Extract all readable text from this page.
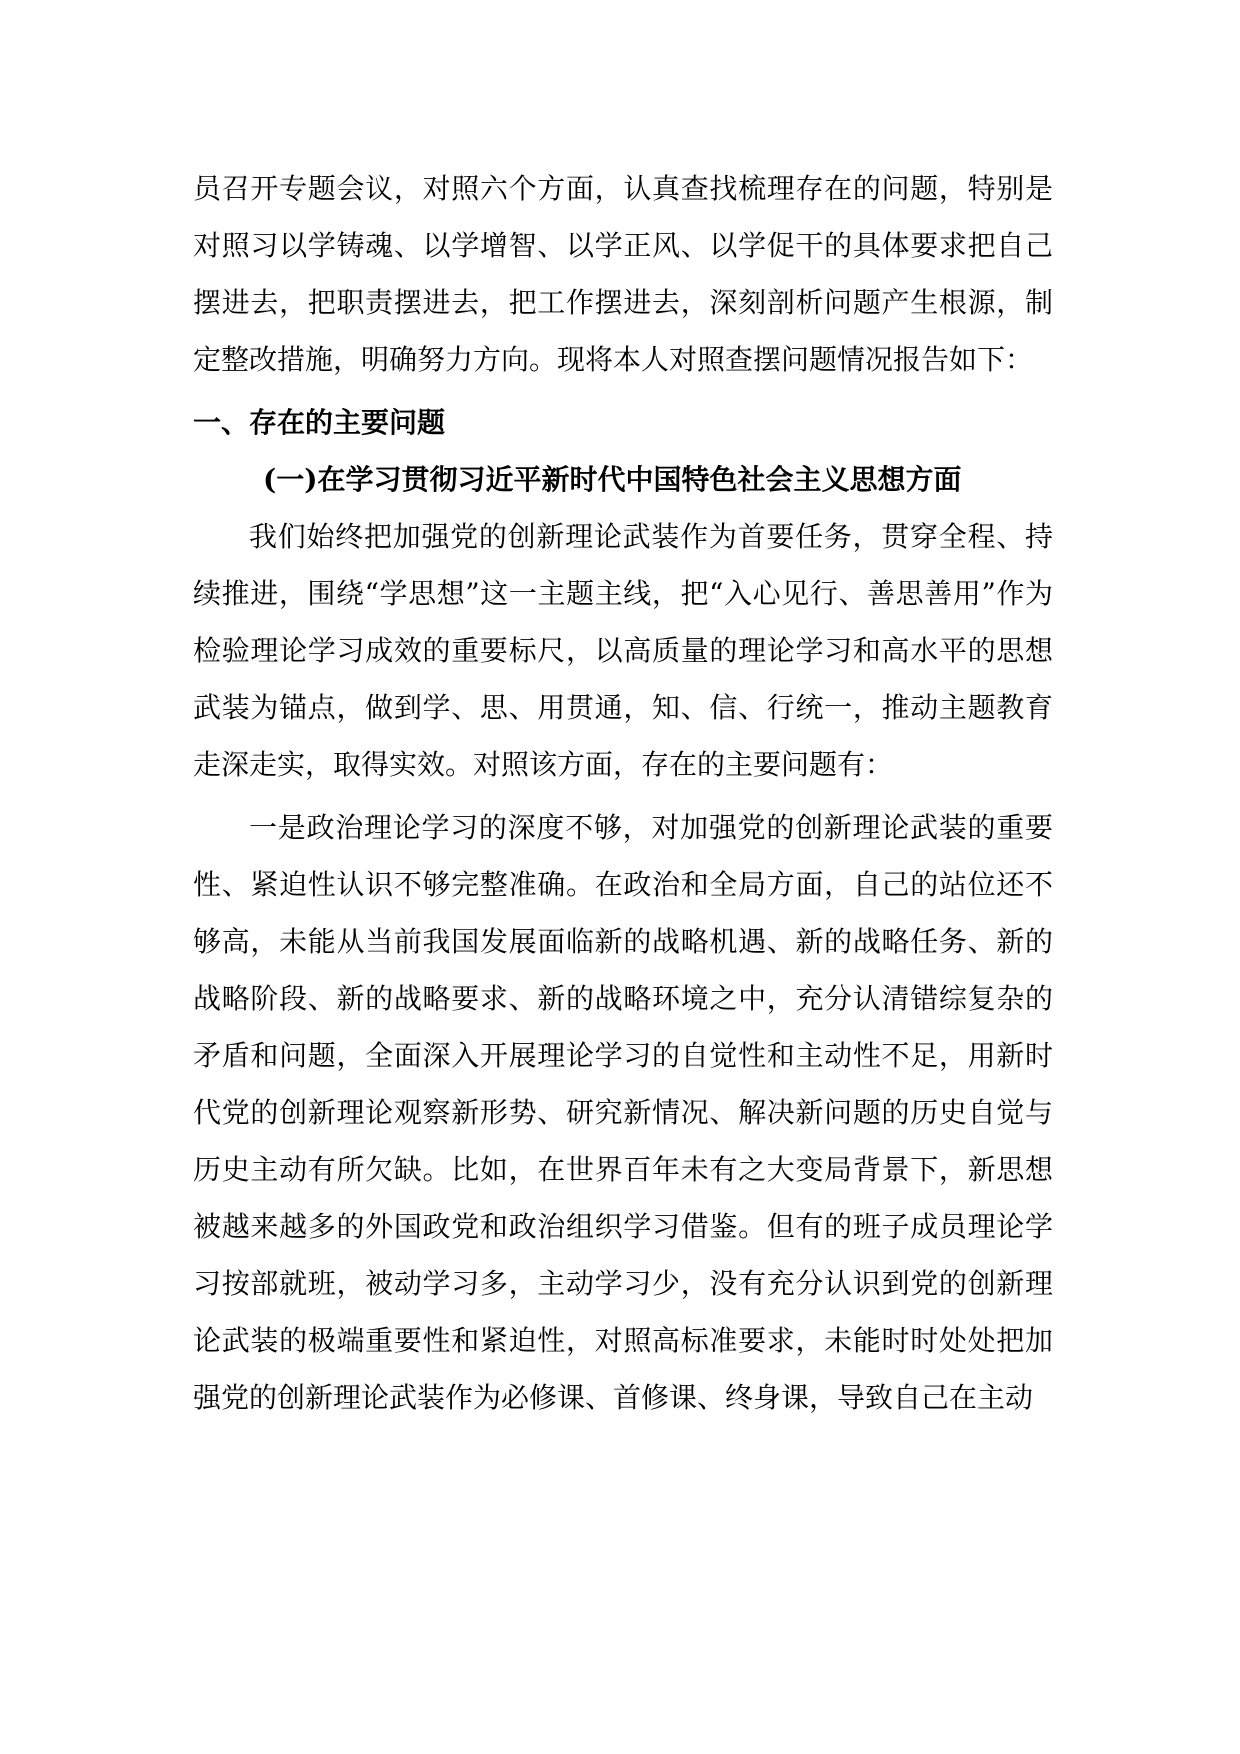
员召开专题会议，对照六个方面，认真查找梳理存在的问题，特别是对照习以学铸魂、以学增智、以学正风、以学促干的具体要求把自己摆进去，把职责摆进去，把工作摆进去，深刻剖析问题产生根源，制定整改措施，明确努力方向。现将本人对照查摆问题情况报告如下：

一、存在的主要问题
(一)在学习贯彻习近平新时代中国特色社会主义思想方面

我们始终把加强党的创新理论武装作为首要任务，贯穿全程、持续推进，围绕“学思想”这一主题主线，把“入心见行、善思善用”作为检验理论学习成效的重要标尺，以高质量的理论学习和高水平的思想武装为锚点，做到学、思、用贯通，知、信、行统一，推动主题教育走深走实，取得实效。对照该方面，存在的主要问题有：

一是政治理论学习的深度不够，对加强党的创新理论武装的重要性、紧迫性认识不够完整准确。在政治和全局方面，自己的站位还不够高，未能从当前我国发展面临新的战略机遇、新的战略任务、新的战略阶段、新的战略要求、新的战略环境之中，充分认清错综复杂的矛盾和问题，全面深入开展理论学习的自觉性和主动性不足，用新时代党的创新理论观察新形势、研究新情况、解决新问题的历史自觉与历史主动有所欠缺。比如，在世界百年未有之大变局背景下，新思想被越来越多的外国政党和政治组织学习借鉴。但有的班子成员理论学习按部就班，被动学习多，主动学习少，没有充分认识到党的创新理论武装的极端重要性和紧迫性，对照高标准要求，未能时时处处把加强党的创新理论武装作为必修课、首修课、终身课，导致自己在主动
